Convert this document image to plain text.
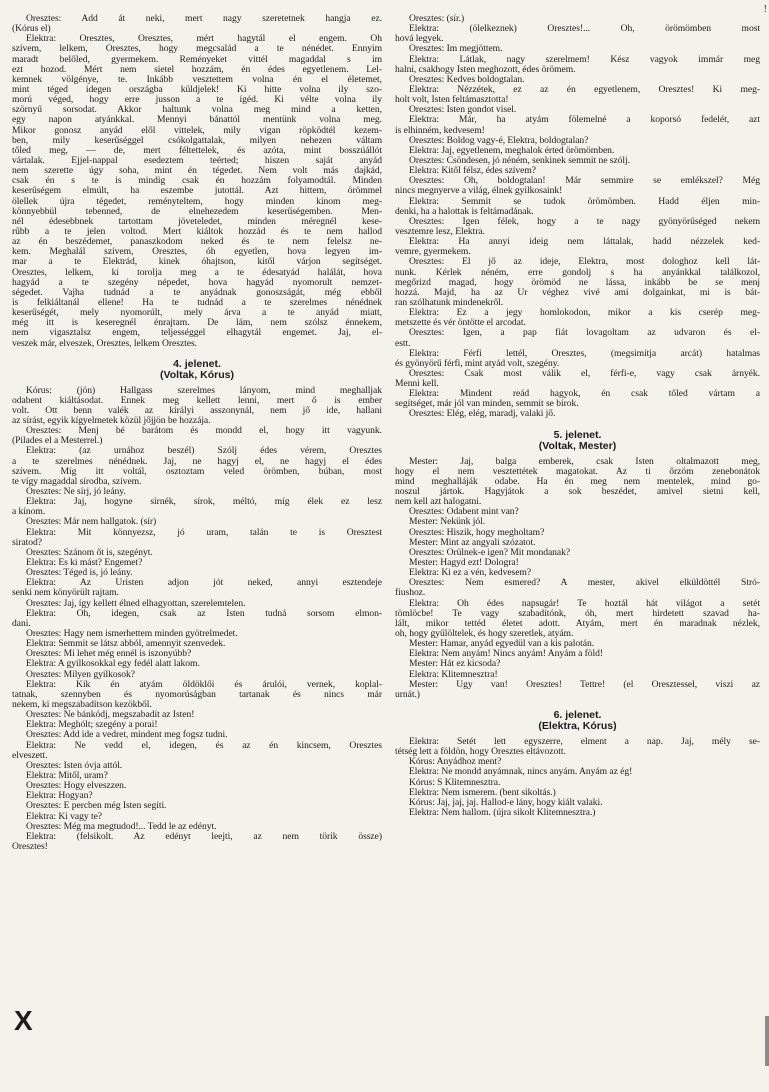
Oresztes: Add át neki, mert nagy szeretetnek hangja ez.
(Kórus el)
Elektra: Oresztes, Oresztes, mért hagytál el engem. Óh
szívem, lelkem, Oresztes, hogy megcsalád a te nénédet. Ennyim
maradt belőled, gyermekem. Reményeket vittél magaddal s im
ezt hozod. Mért nem sietel hozzám, én édes egyetlenem. Lel-
kemnek völgénye, te. Inkább vesztettem volna én el életemet,
mint téged idegen országba küldjelek! Ki hitte volna ily szo-
morú véged, hogy erre jusson a te ígéd. Ki vélte volna ily
szörnyű sorsodat. Akkor haltunk volna meg mind a ketten,
egy napon atyánkkal. Mennyi bánattól mentünk volna meg.
Mikor gonosz anyád elől vittelek, mily vígan röpködtél kezem-
ben, mily keserűséggel csókolgattalak, milyen nehezen váltam
tőled meg, — de, mert féltettelek, és azóta, mint bosszúállót
vártalak. Éjjel-nappal esedeztem teérted; hiszen saját anyád
nem szerette úgy soha, mint én tégedet. Nem volt más dajkád,
csak én s te is mindig csak én hozzám folyamodtál. Minden
keserűségem elmúlt, ha eszembe jutottál. Azt hittem, örömmel
ölellek újra tégedet, reményteltem, hogy minden kínom meg-
könnyebbül tebenned, de elnehezedem keserűségemben. Men-
nél édesebbnek tartottam jöveteledet, minden méregnél kese-
rűbb a te jelen voltod. Mert kiáltok hozzád és te nem hallod
az én beszédemet, panaszkodom neked és te nem felelsz ne-
kem. Meghalál szívem, Oresztes, óh egyetlen, hova legyen im-
mar a te Elektrád, kinek óhajtson, kitől várjon segítséget.
Oresztes, lelkem, ki torolja meg a te édesatyád halálát, hova
hagyád a te szegény népedet, hova hagyád nyomorult nemzet-
ségedet. Vajha tudnád a te anyádnak gonoszságát, még ebből
is felkiáltanál ellene! Ha te tudnád a te szerelmes nénédnek
keserűségét, mely nyomorúlt, mely árva a te anyád miatt,
még itt is keseregnél énrajtam. De lám, nem szólsz énnekem,
nem vigasztalsz engem, teljességgel elhagytál engemet. Jaj, el-
veszek már, elveszek, Oresztes, lelkem Oresztes.
4. jelenet.
(Voltak, Kórus)
Kórus: (jön) Hallgass szerelmes lányom, mind meghalljak
odabent kiáltásodat. Ennek meg kellett lenni, mert ő is ember
volt. Ott benn valék az királyi asszonynál, nem jő ide, hallani
az sírást, egyik kígyelmetek közül jőjjön be hozzája.
Oresztes: Menj bé barátom és mondd el, hogy itt vagyunk.
(Pilades el a Mesterrel.)
Elektra: (az urnához beszél) Szólj édes vérem, Oresztes
a te szerelmes nénédnek. Jaj, ne hagyj el, ne hagyj el édes
szívem. Míg itt voltál, osztoztam veled örömben, búban, most
te vígy magaddal sírodba, szívem.
Oresztes: Ne sírj, jó leány.
Elektra: Jaj, hogyne sírnék, sírok, méltó, míg élek ez lesz
a kínom.
Oresztes: Már nem hallgatok. (sír)
Elektra: Mit könnyezsz, jó uram, talán te is Oresztest
siratod?
Oresztes: Szánom őt is, szegényt.
Elektra: És ki mást? Engemet?
Oresztes: Téged is, jó leány.
Elektra: Az Úristen adjon jót neked, annyi esztendeje
senki nem könyörült rajtam.
Oresztes: Jaj, így kellett élned elhagyottan, szerelemtelen.
Elektra: Oh, idegen, csak az Isten tudná sorsom elmon-
dani.
Oresztes: Hagy nem ismerhettem minden gyötrelmedet.
Elektra: Semmit se látsz abból, amennyit szenvedek.
Oresztes: Mi lehet még ennél is iszonyúbb?
Elektra: A gyilkosokkal egy fedél alatt lakom.
Oresztes: Milyen gyilkosok?
Elektra: Kik én atyám öldöklői és árulói, vernek, koplal-
tatnak, szennyben és nyomorúságban tartanak és nincs már
nekem, ki megszabadítson kezökből.
Oresztes: Ne bánkódj, megszabadít az Isten!
Elektra: Meghólt; szegény a porai!
Oresztes: Add ide a vedret, mindent meg fogsz tudni.
Elektra: Ne vedd el, idegen, és az én kincsem, Oresztes
elveszett.
Oresztes: Isten óvja attól.
Elektra: Mitől, uram?
Oresztes: Hogy elveszzen.
Elektra: Hogyan?
Oresztes: E percben még Isten segíti.
Elektra: Ki vagy te?
Oresztes: Még ma megtudod!... Tedd le az edényt.
Elektra: (felsikolt. Az edényt leejti, az nem törik össze)
Oresztes!
Oresztes: (sír.)
Elektra: (ölelkeznek) Oresztes!... Oh, örömömben most
hová legyek.
Oresztes: Ím megjöttem.
Elektra: Látlak, nagy szerelmem! Kész vagyok immár meg
halni, csakhogy Isten meghozott, édes örömem.
Oresztes: Kedves boldogtalan.
Elektra: Nézzétek, ez az én egyetlenem, Oresztes! Ki meg-
holt volt, Isten feltámasztotta!
Oresztes: Isten gondot visel.
Elektra: Már, ha atyám fölemelné a koporsó fedelét, azt
is elhinném, kedvesem!
Oresztes: Boldog vagy-é, Elektra, boldogtalan?
Elektra: Jaj, egyetlenem, meghalok érted örömömben.
Oresztes: Csöndesen, jó néném, senkinek semmit ne szólj.
Elektra: Kitől félsz, édes szívem?
Oresztes: Oh, boldogtalan! Már semmire se emlékszel? Még
nincs megnyerve a világ, élnek gyilkosaink!
Elektra: Semmit se tudok örömömben. Hadd éljen min-
denki, ha a halottak is feltámadának.
Oresztes: Igen félek, hogy a te nagy gyönyörűséged nekem
vesztemre lesz, Elektra.
Elektra: Ha annyi ideig nem láttalak, hadd nézzelek ked-
vemre, gyermekem.
Oresztes: El jő az ideje, Elektra, most dologhoz kell lát-
nunk. Kérlek néném, erre gondolj s ha anyánkkal találkozol,
megőrizd magad, hogy örömöd ne lássa, inkább be se menj
hozzá. Majd, ha az Úr véghez vivé ami dolgainkat, mi is bát-
ran szólhatunk mindenekről.
Elektra: Ez a jegy homlokodon, mikor a kis cserép meg-
metszette és vér öntötte el arcodat.
Oresztes: Igen, a pap fiát lovagoltam az udvaron és el-
estt.
Elektra: Férfi lettél, Oresztes, (megsimítja arcát) hatalmas
és gyönyörű férfi, mint atyád volt, szegény.
Oresztes: Csak most válik el, férfi-e, vagy csak árnyék.
Menni kell.
Elektra: Mindent reád hagyok, én csak tőled vártam a
segítséget, már jól van minden, semmit se bírok.
Oresztes: Elég, elég, maradj, valaki jő.
5. jelenet.
(Voltak, Mester)
Mester: Jaj, balga emberek, csak Isten oltalmazott meg,
hogy el nem vesztettétek magatokat. Az ti őrzöm zenebonátok
mind meghalláják odabe. Ha én meg nem mentelek, mind go-
noszul jártok. Hagyjátok a sok beszédet, amivel sietni kell,
nem kell azt halogatni.
Oresztes: Odabent mint van?
Mester: Nekünk jól.
Oresztes: Hiszik, hogy megholtam?
Mester: Mint az angyali szózatot.
Oresztes: Örülnek-e igen? Mit mondanak?
Mester: Hagyd ezt! Dologra!
Elektra: Ki ez a vén, kedvesem?
Oresztes: Nem esmered? A mester, akivel elküldöttél Stró-
fiushoz.
Elektra: Oh édes napsugár! Te hoztál hát világot a setét
tömlöcbe! Te vagy szabadítónk, óh, mert hirdetett szavad ha-
lált, mikor tettéd életet adott. Atyám, mert én maradnak nézlek,
oh, hogy gyűlöltelek, és hogy szeretlek, atyám.
Mester: Hamar, anyád egyedül van a kis palotán.
Elektra: Nem anyám! Nincs anyám! Anyám a föld!
Mester: Hát ez kicsoda?
Elektra: Klitemnesztra!
Mester: Úgy van! Oresztes! Tettre! (el Oresztessel, viszi az
urnát.)
6. jelenet.
(Elektra, Kórus)
Elektra: Setét lett egyszerre, elment a nap. Jaj, mély se-
tétség lett a földön, hogy Oresztes eltávozott.
Kórus: Anyádhoz ment?
Elektra: Ne mondd anyámnak, nincs anyám. Anyám az ég!
Kórus: S Klitemnesztra.
Elektra: Nem ismerem. (bent sikoltás.)
Kórus: Jaj, jaj, jaj. Hallod-e lány, hogy kiált valaki.
Elektra: Nem hallom. (újra sikolt Klitemnesztra.)
X
!
